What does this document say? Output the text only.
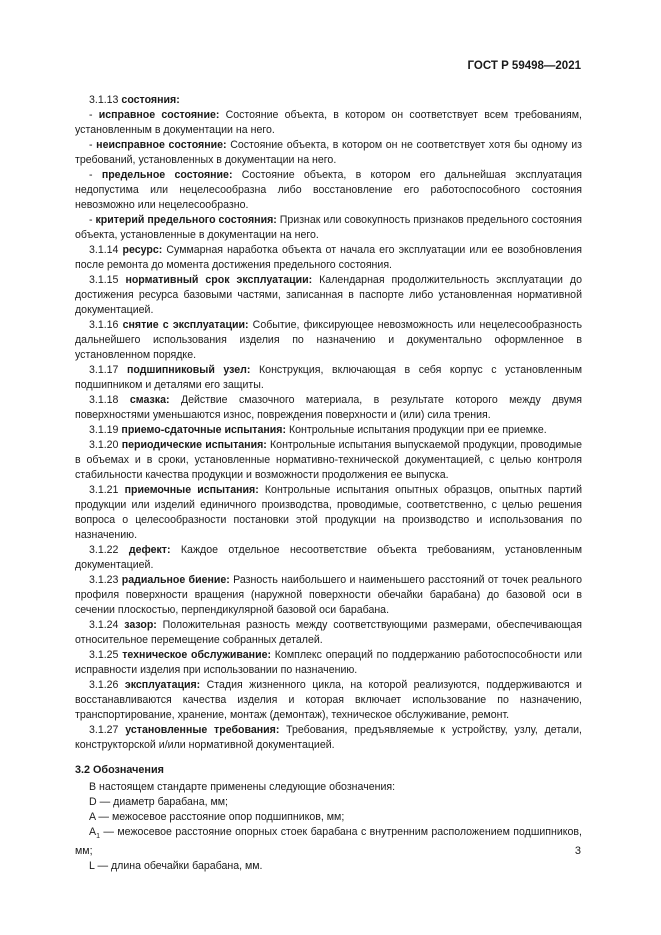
ГОСТ Р 59498—2021

3.1.13 состояния:

- исправное состояние: Состояние объекта, в котором он соответствует всем требованиям, установленным в документации на него.

- неисправное состояние: Состояние объекта, в котором он не соответствует хотя бы одному из требований, установленных в документации на него.

- предельное состояние: Состояние объекта, в котором его дальнейшая эксплуатация недопустима или нецелесообразна либо восстановление его работоспособного состояния невозможно или нецелесообразно.

- критерий предельного состояния: Признак или совокупность признаков предельного состояния объекта, установленные в документации на него.

3.1.14 ресурс: Суммарная наработка объекта от начала его эксплуатации или ее возобновления после ремонта до момента достижения предельного состояния.

3.1.15 нормативный срок эксплуатации: Календарная продолжительность эксплуатации до достижения ресурса базовыми частями, записанная в паспорте либо установленная нормативной документацией.

3.1.16 снятие с эксплуатации: Событие, фиксирующее невозможность или нецелесообразность дальнейшего использования изделия по назначению и документально оформленное в установленном порядке.

3.1.17 подшипниковый узел: Конструкция, включающая в себя корпус с установленным подшипником и деталями его защиты.

3.1.18 смазка: Действие смазочного материала, в результате которого между двумя поверхностями уменьшаются износ, повреждения поверхности и (или) сила трения.

3.1.19 приемо-сдаточные испытания: Контрольные испытания продукции при ее приемке.

3.1.20 периодические испытания: Контрольные испытания выпускаемой продукции, проводимые в объемах и в сроки, установленные нормативно-технической документацией, с целью контроля стабильности качества продукции и возможности продолжения ее выпуска.

3.1.21 приемочные испытания: Контрольные испытания опытных образцов, опытных партий продукции или изделий единичного производства, проводимые, соответственно, с целью решения вопроса о целесообразности постановки этой продукции на производство и использования по назначению.

3.1.22 дефект: Каждое отдельное несоответствие объекта требованиям, установленным документацией.

3.1.23 радиальное биение: Разность наибольшего и наименьшего расстояний от точек реального профиля поверхности вращения (наружной поверхности обечайки барабана) до базовой оси в сечении плоскостью, перпендикулярной базовой оси барабана.

3.1.24 зазор: Положительная разность между соответствующими размерами, обеспечивающая относительное перемещение собранных деталей.

3.1.25 техническое обслуживание: Комплекс операций по поддержанию работоспособности или исправности изделия при использовании по назначению.

3.1.26 эксплуатация: Стадия жизненного цикла, на которой реализуются, поддерживаются и восстанавливаются качества изделия и которая включает использование по назначению, транспортирование, хранение, монтаж (демонтаж), техническое обслуживание, ремонт.

3.1.27 установленные требования: Требования, предъявляемые к устройству, узлу, детали, конструкторской и/или нормативной документацией.

3.2 Обозначения

В настоящем стандарте применены следующие обозначения:

D — диаметр барабана, мм;

A — межосевое расстояние опор подшипников, мм;

$A_1$ — межосевое расстояние опорных стоек барабана с внутренним расположением подшипников, мм;

L — длина обечайки барабана, мм.

3
